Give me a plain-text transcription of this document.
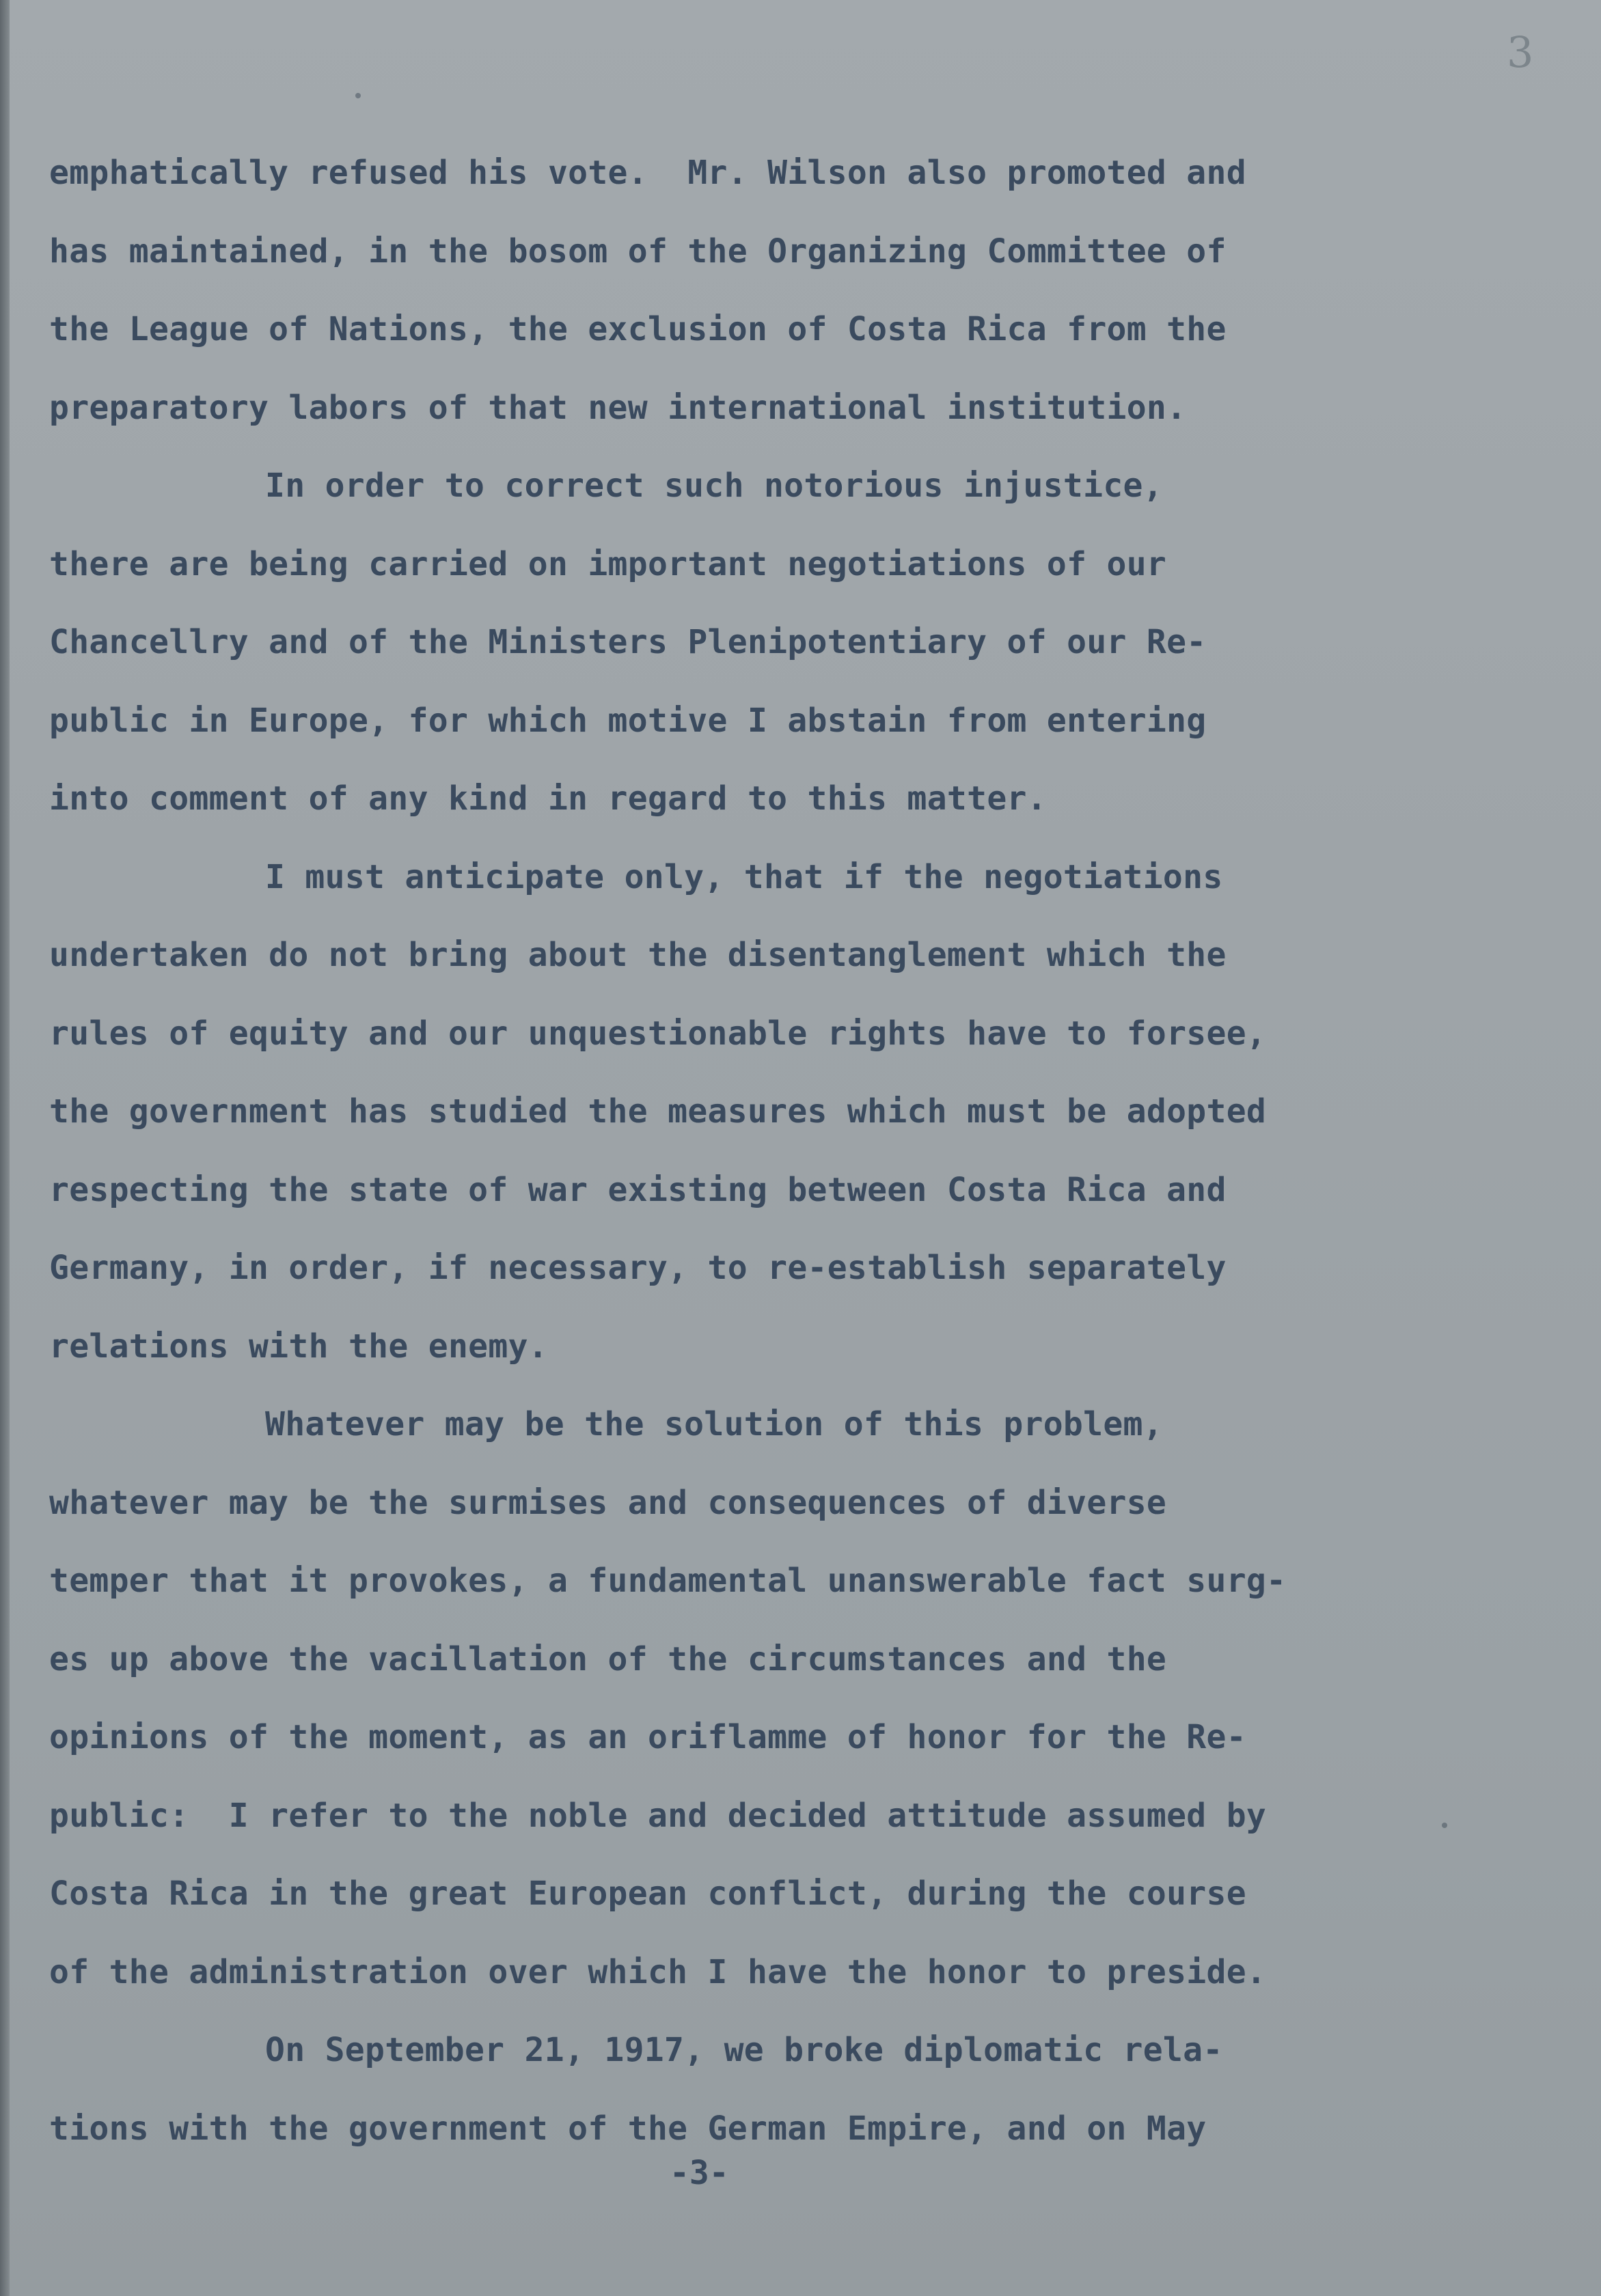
3
emphatically refused his vote.  Mr. Wilson also promoted and
has maintained, in the bosom of the Organizing Committee of
the League of Nations, the exclusion of Costa Rica from the
preparatory labors of that new international institution.
In order to correct such notorious injustice,
there are being carried on important negotiations of our
Chancellry and of the Ministers Plenipotentiary of our Re-
public in Europe, for which motive I abstain from entering
into comment of any kind in regard to this matter.
I must anticipate only, that if the negotiations
undertaken do not bring about the disentanglement which the
rules of equity and our unquestionable rights have to forsee,
the government has studied the measures which must be adopted
respecting the state of war existing between Costa Rica and
Germany, in order, if necessary, to re-establish separately
relations with the enemy.
Whatever may be the solution of this problem,
whatever may be the surmises and consequences of diverse
temper that it provokes, a fundamental unanswerable fact surg-
es up above the vacillation of the circumstances and the
opinions of the moment, as an oriflamme of honor for the Re-
public:  I refer to the noble and decided attitude assumed by
Costa Rica in the great European conflict, during the course
of the administration over which I have the honor to preside.
On September 21, 1917, we broke diplomatic rela-
tions with the government of the German Empire, and on May
-3-
